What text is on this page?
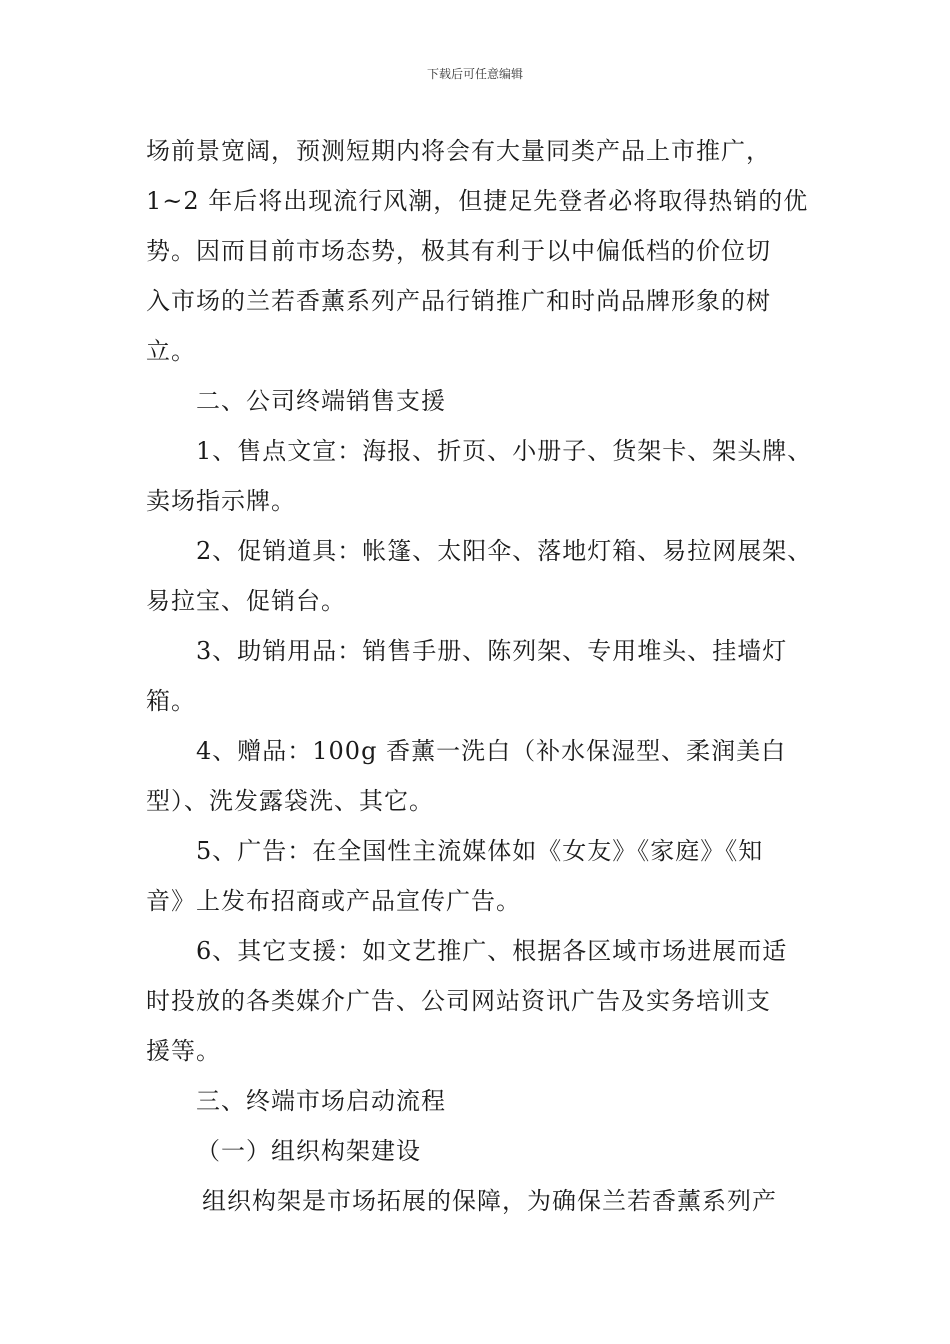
下载后可任意编辑

场前景宽阔，预测短期内将会有大量同类产品上市推广，

1~2 年后将出现流行风潮，但捷足先登者必将取得热销的优

势。因而目前市场态势，极其有利于以中偏低档的价位切

入市场的兰若香薰系列产品行销推广和时尚品牌形象的树

立。

二、公司终端销售支援

1、售点文宣：海报、折页、小册子、货架卡、架头牌、

卖场指示牌。

2、促销道具：帐篷、太阳伞、落地灯箱、易拉网展架、

易拉宝、促销台。

3、助销用品：销售手册、陈列架、专用堆头、挂墙灯

箱。

4、赠品：100g 香薰一洗白（补水保湿型、柔润美白

型）、洗发露袋洗、其它。

5、广告：在全国性主流媒体如《女友》《家庭》《知

音》上发布招商或产品宣传广告。

6、其它支援：如文艺推广、根据各区域市场进展而适

时投放的各类媒介广告、公司网站资讯广告及实务培训支

援等。

三、终端市场启动流程

（一）组织构架建设

组织构架是市场拓展的保障，为确保兰若香薰系列产
